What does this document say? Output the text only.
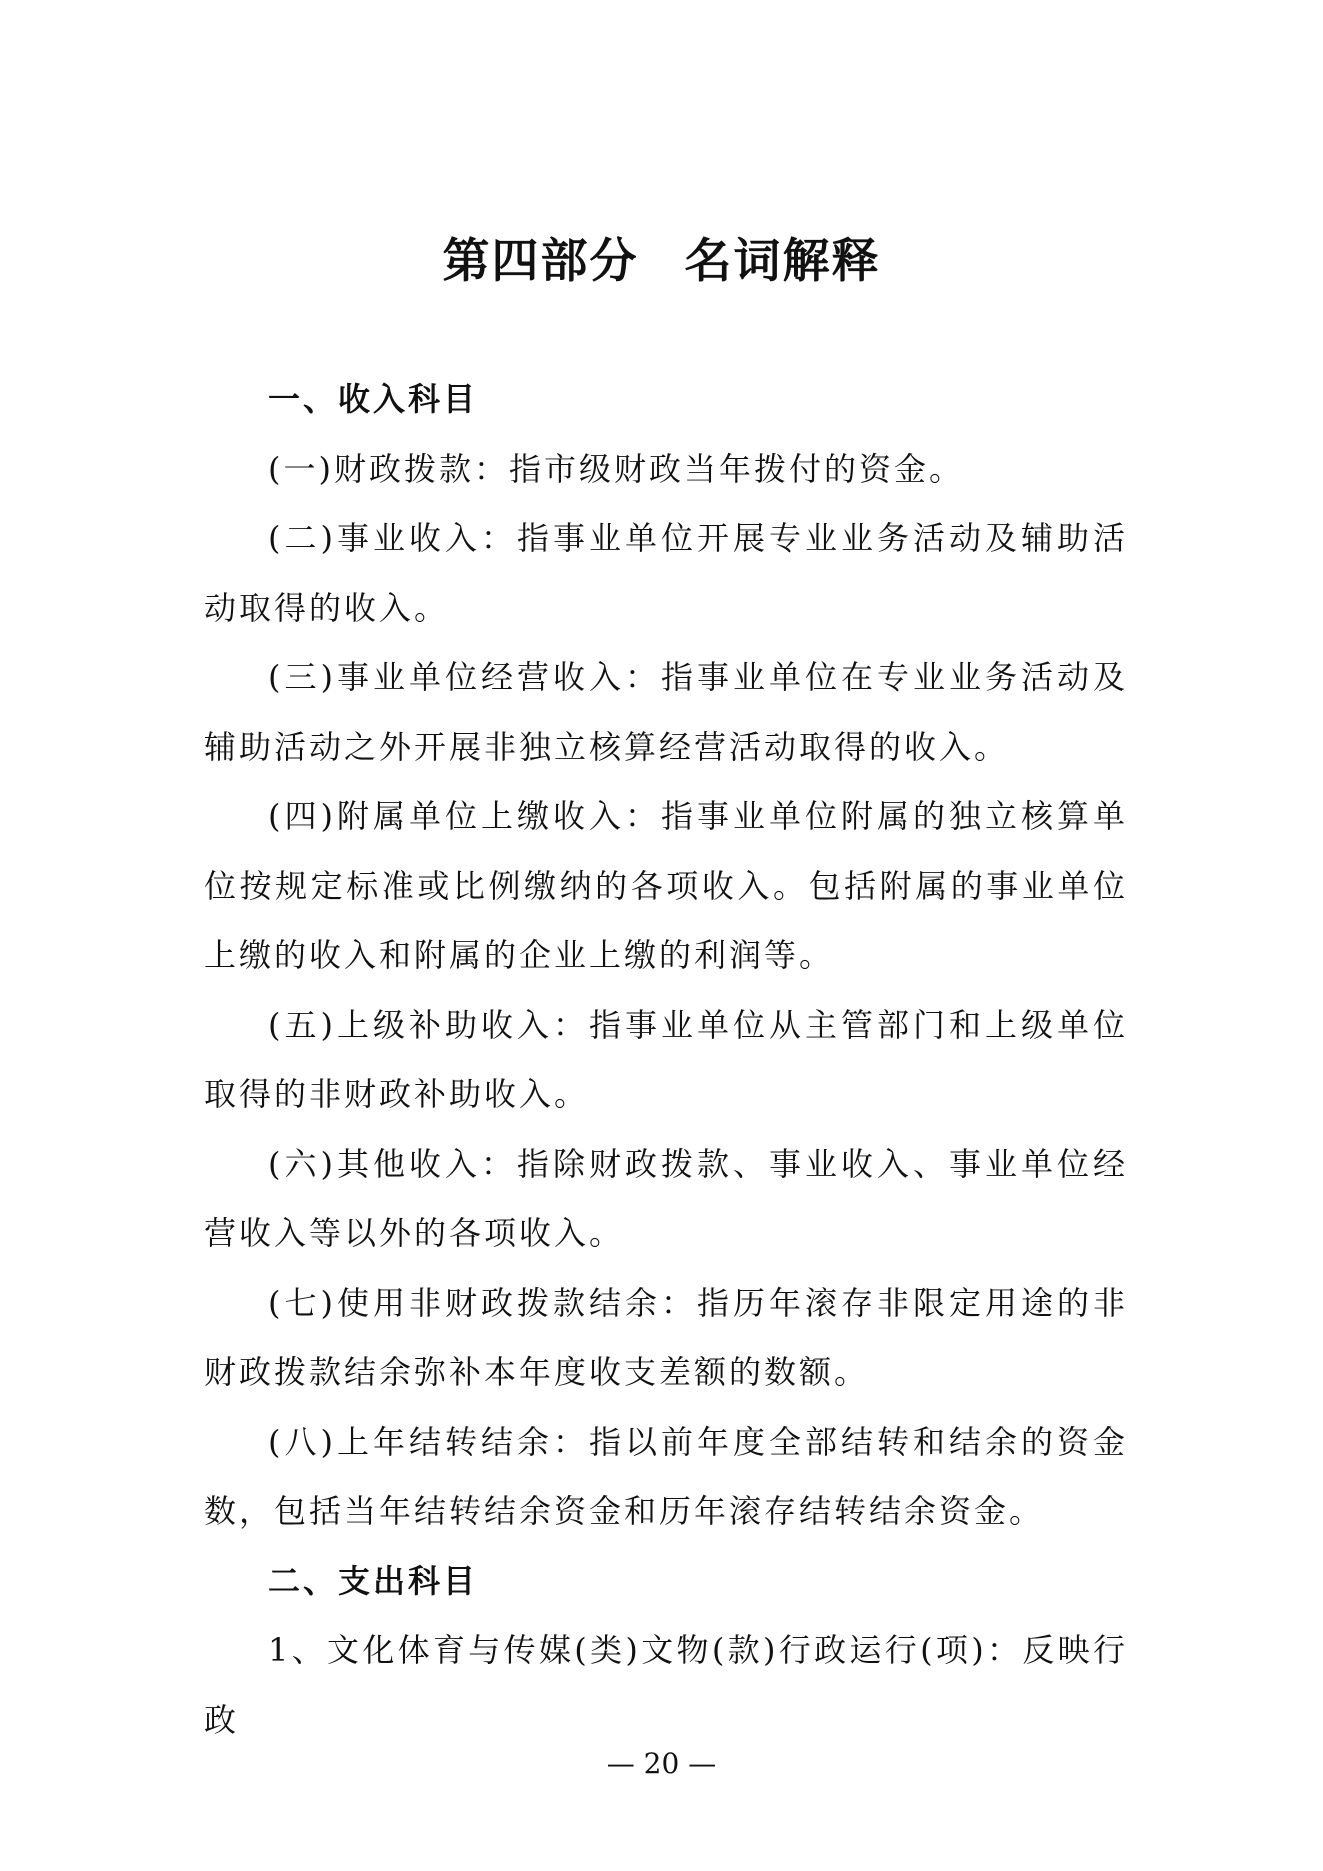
第四部分 名词解释
一、收入科目

(一)财政拨款：指市级财政当年拨付的资金。

(二)事业收入：指事业单位开展专业业务活动及辅助活动取得的收入。

(三)事业单位经营收入：指事业单位在专业业务活动及辅助活动之外开展非独立核算经营活动取得的收入。

(四)附属单位上缴收入：指事业单位附属的独立核算单位按规定标准或比例缴纳的各项收入。包括附属的事业单位上缴的收入和附属的企业上缴的利润等。

(五)上级补助收入：指事业单位从主管部门和上级单位取得的非财政补助收入。

(六)其他收入：指除财政拨款、事业收入、事业单位经营收入等以外的各项收入。

(七)使用非财政拨款结余：指历年滚存非限定用途的非财政拨款结余弥补本年度收支差额的数额。

(八)上年结转结余：指以前年度全部结转和结余的资金数，包括当年结转结余资金和历年滚存结转结余资金。

二、支出科目

1、文化体育与传媒(类)文物(款)行政运行(项)：反映行政

— 20 —
